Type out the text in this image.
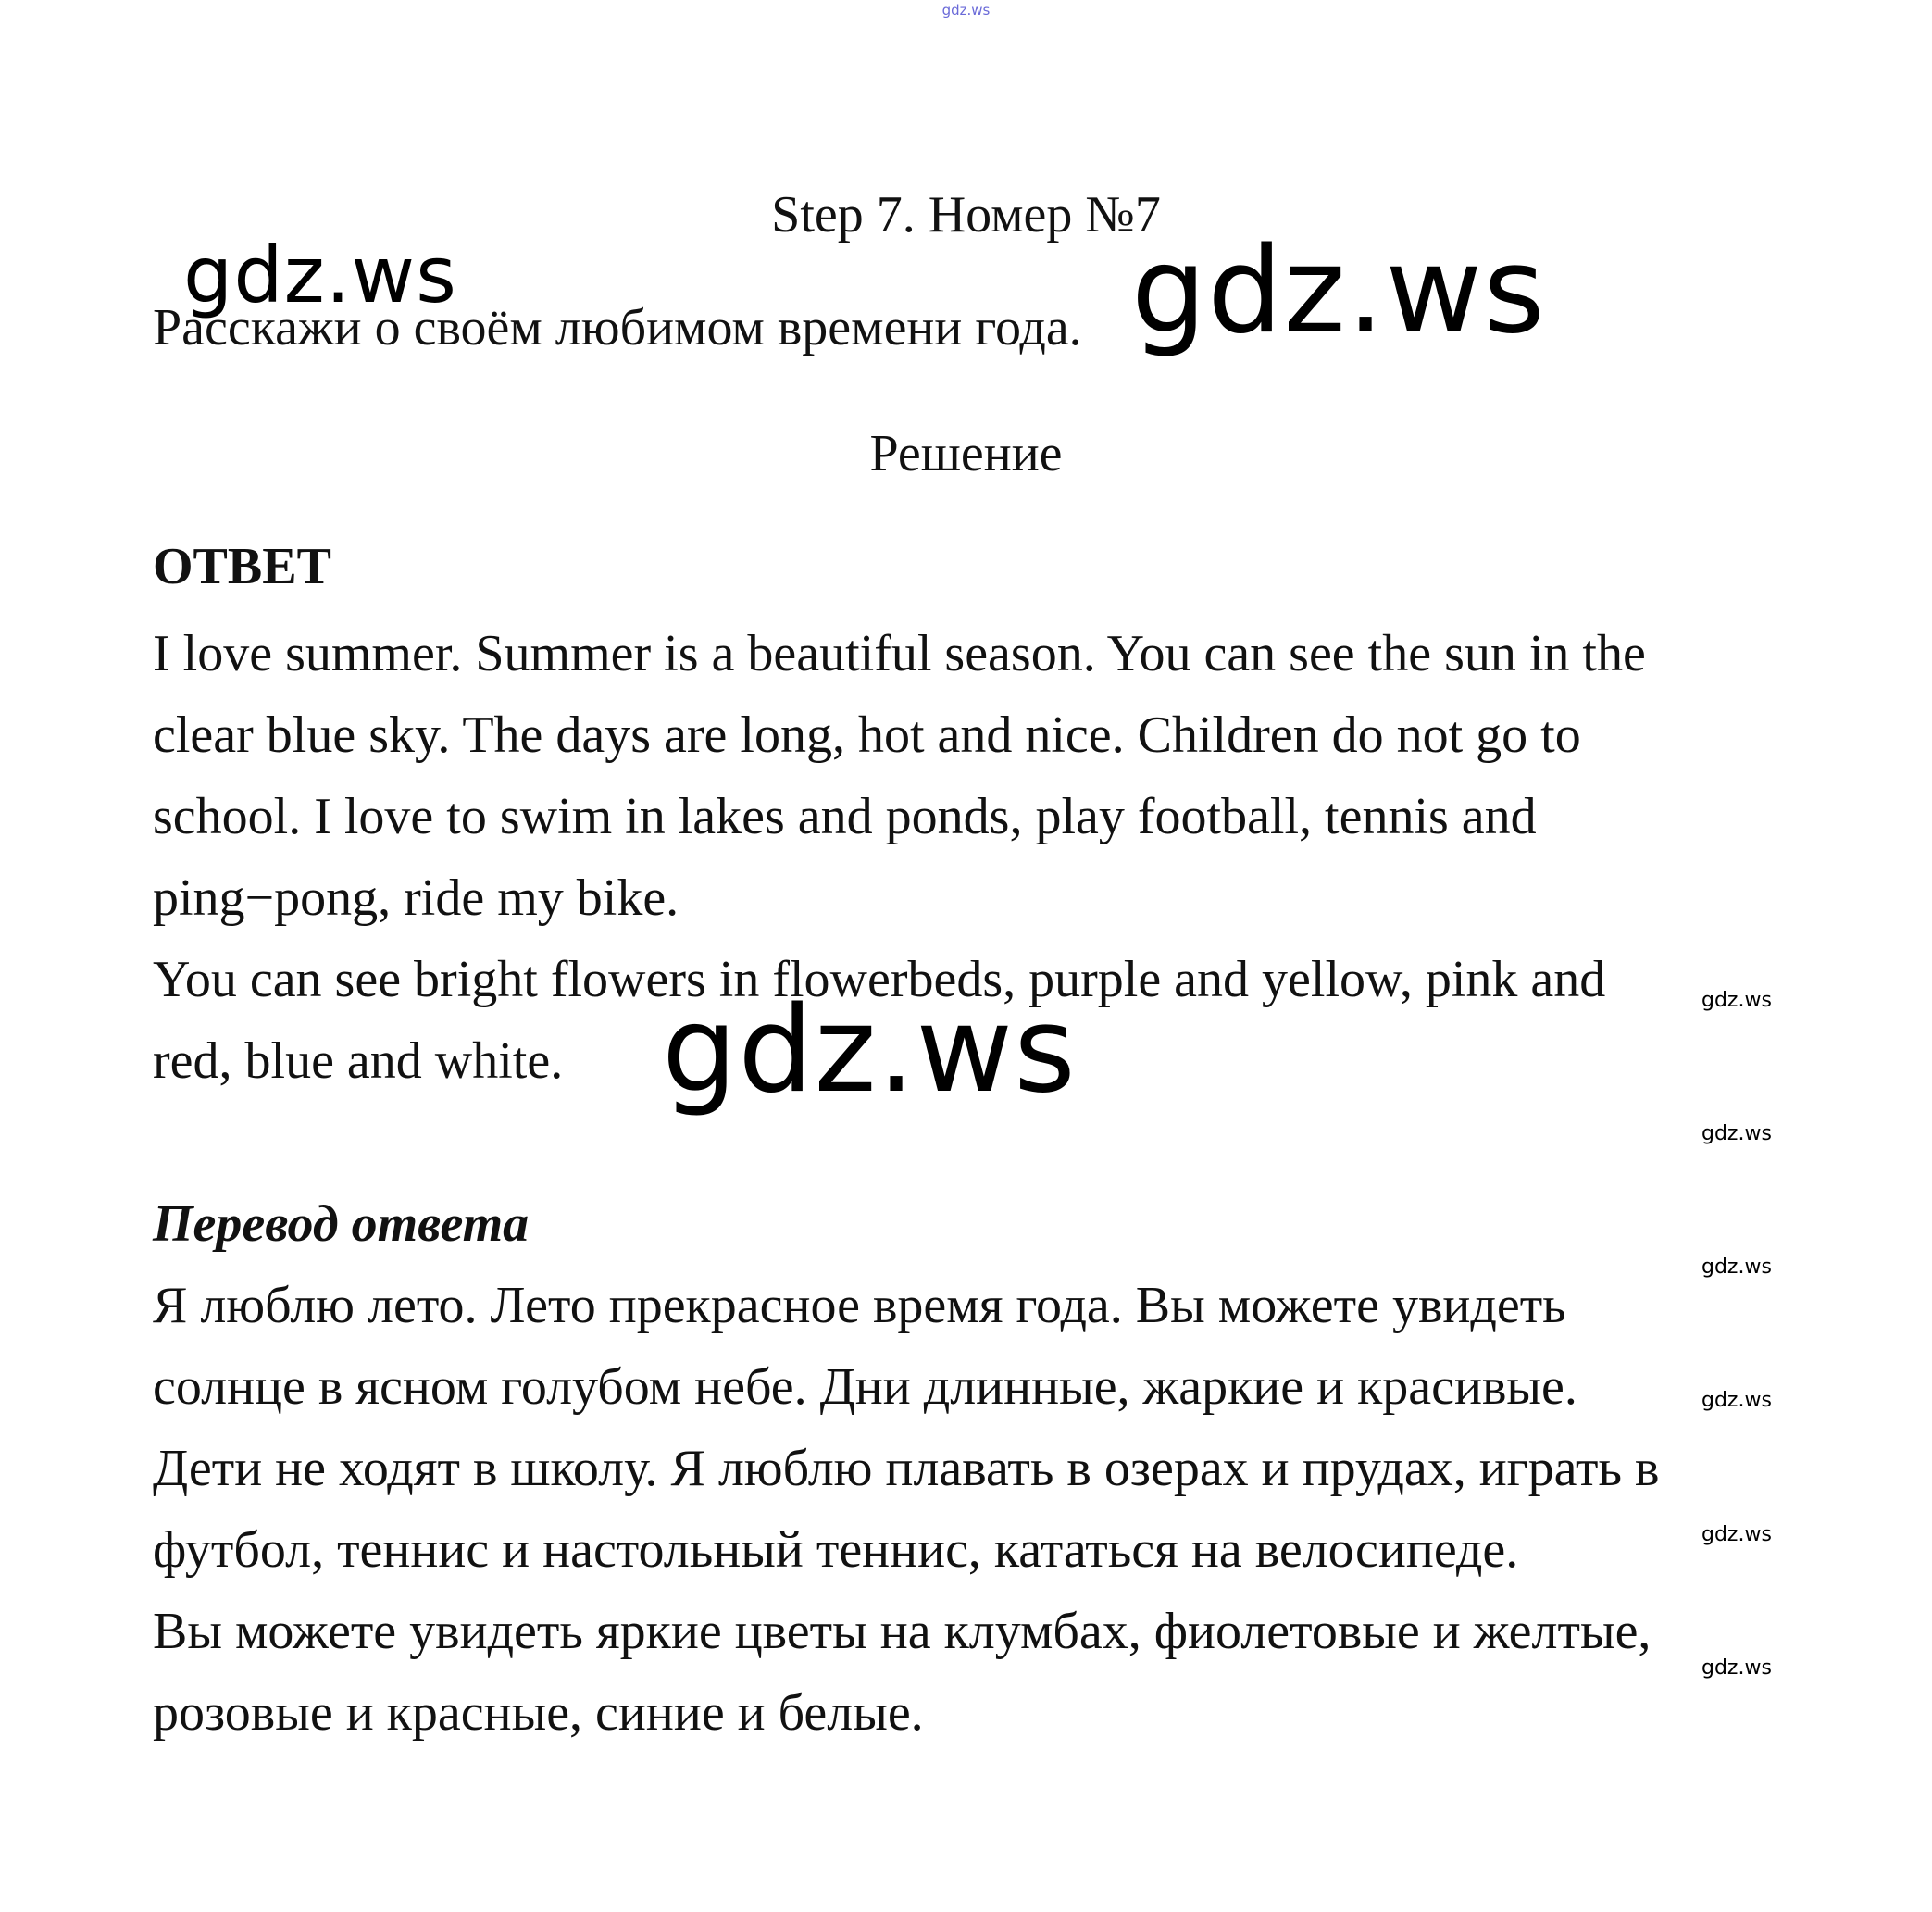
gdz.ws
Step 7. Номер №7
Расскажи о своём любимом времени года.
Решение
ОТВЕТ
I love summer. Summer is a beautiful season. You can see the sun in the
clear blue sky. The days are long, hot and nice. Children do not go to
school. I love to swim in lakes and ponds, play football, tennis and
ping−pong, ride my bike.
You can see bright flowers in flowerbeds, purple and yellow, pink and
red, blue and white.
Перевод ответа
Я люблю лето. Лето прекрасное время года. Вы можете увидеть
солнце в ясном голубом небе. Дни длинные, жаркие и красивые.
Дети не ходят в школу. Я люблю плавать в озерах и прудах, играть в
футбол, теннис и настольный теннис, кататься на велосипеде.
Вы можете увидеть яркие цветы на клумбах, фиолетовые и желтые,
розовые и красные, синие и белые.
gdz.ws	gdz.ws
gdz.ws	gdz.ws
gdz.ws
gdz.ws
gdz.ws
gdz.ws
gdz.ws
